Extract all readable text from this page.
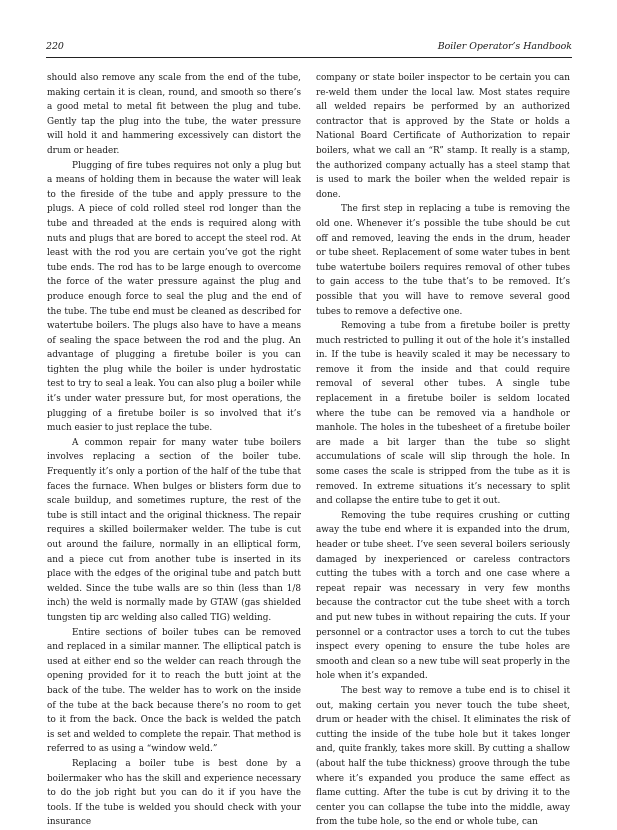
220	Boiler Operator’s Handbook

should also remove any scale from the end of the tube, making certain it is clean, round, and smooth so there’s a good metal to metal fit between the plug and tube. Gently tap the plug into the tube, the water pressure will hold it and hammering excessively can distort the drum or header.

Plugging of fire tubes requires not only a plug but a means of holding them in because the water will leak to the fireside of the tube and apply pressure to the plugs. A piece of cold rolled steel rod longer than the tube and threaded at the ends is required along with nuts and plugs that are bored to accept the steel rod. At least with the rod you are certain you’ve got the right tube ends. The rod has to be large enough to overcome the force of the water pressure against the plug and produce enough force to seal the plug and the end of the tube. The tube end must be cleaned as described for watertube boilers. The plugs also have to have a means of sealing the space between the rod and the plug. An advantage of plugging a firetube boiler is you can tighten the plug while the boiler is under hydrostatic test to try to seal a leak. You can also plug a boiler while it’s under water pressure but, for most operations, the plugging of a firetube boiler is so involved that it’s much easier to just replace the tube.

A common repair for many water tube boilers involves replacing a section of the boiler tube. Frequently it’s only a portion of the half of the tube that faces the furnace. When bulges or blisters form due to scale buildup, and sometimes rupture, the rest of the tube is still intact and the original thickness. The repair requires a skilled boilermaker welder. The tube is cut out around the failure, normally in an elliptical form, and a piece cut from another tube is inserted in its place with the edges of the original tube and patch butt welded. Since the tube walls are so thin (less than 1/8 inch) the weld is normally made by GTAW (gas shielded tungsten tip arc welding also called TIG) welding.

Entire sections of boiler tubes can be removed and replaced in a similar manner. The elliptical patch is used at either end so the welder can reach through the opening provided for it to reach the butt joint at the back of the tube. The welder has to work on the inside of the tube at the back because there’s no room to get to it from the back. Once the back is welded the patch is set and welded to complete the repair. That method is referred to as using a “window weld.”

Replacing a boiler tube is best done by a boilermaker who has the skill and experience necessary to do the job right but you can do it if you have the tools. If the tube is welded you should check with your insurance

company or state boiler inspector to be certain you can re-weld them under the local law. Most states require all welded repairs be performed by an authorized contractor that is approved by the State or holds a National Board Certificate of Authorization to repair boilers, what we call an “R” stamp. It really is a stamp, the authorized company actually has a steel stamp that is used to mark the boiler when the welded repair is done.

The first step in replacing a tube is removing the old one. Whenever it’s possible the tube should be cut off and removed, leaving the ends in the drum, header or tube sheet. Replacement of some water tubes in bent tube watertube boilers requires removal of other tubes to gain access to the tube that’s to be removed. It’s possible that you will have to remove several good tubes to remove a defective one.

Removing a tube from a firetube boiler is pretty much restricted to pulling it out of the hole it’s installed in. If the tube is heavily scaled it may be necessary to remove it from the inside and that could require removal of several other tubes. A single tube replacement in a firetube boiler is seldom located where the tube can be removed via a handhole or manhole. The holes in the tubesheet of a firetube boiler are made a bit larger than the tube so slight accumulations of scale will slip through the hole. In some cases the scale is stripped from the tube as it is removed. In extreme situations it’s necessary to split and collapse the entire tube to get it out.

Removing the tube requires crushing or cutting away the tube end where it is expanded into the drum, header or tube sheet. I’ve seen several boilers seriously damaged by inexperienced or careless contractors cutting the tubes with a torch and one case where a repeat repair was necessary in very few months because the contractor cut the tube sheet with a torch and put new tubes in without repairing the cuts. If your personnel or a contractor uses a torch to cut the tubes inspect every opening to ensure the tube holes are smooth and clean so a new tube will seat properly in the hole when it’s expanded.

The best way to remove a tube end is to chisel it out, making certain you never touch the tube sheet, drum or header with the chisel. It eliminates the risk of cutting the inside of the tube hole but it takes longer and, quite frankly, takes more skill. By cutting a shallow (about half the tube thickness) groove through the tube where it’s expanded you produce the same effect as flame cutting. After the tube is cut by driving it to the center you can collapse the tube into the middle, away from the tube hole, so the end or whole tube, can
